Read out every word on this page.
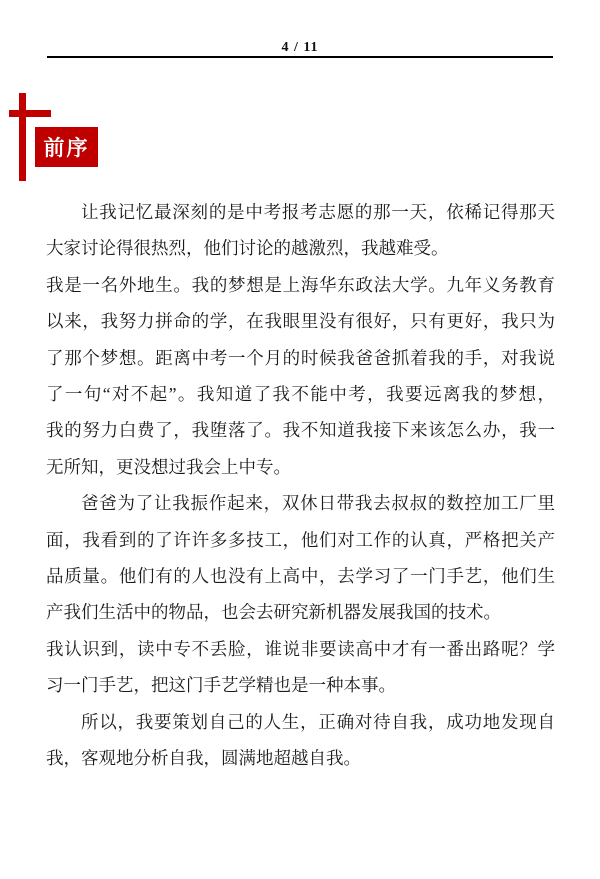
4 / 11
前序
让我记忆最深刻的是中考报考志愿的那一天，依稀记得那天
大家讨论得很热烈，他们讨论的越激烈，我越难受。
我是一名外地生。我的梦想是上海华东政法大学。九年义务教育
以来，我努力拼命的学，在我眼里没有很好，只有更好，我只为
了那个梦想。距离中考一个月的时候我爸爸抓着我的手，对我说
了一句“对不起”。我知道了我不能中考，我要远离我的梦想，
我的努力白费了，我堕落了。我不知道我接下来该怎么办，我一
无所知，更没想过我会上中专。
爸爸为了让我振作起来，双休日带我去叔叔的数控加工厂里
面，我看到的了许许多多技工，他们对工作的认真，严格把关产
品质量。他们有的人也没有上高中，去学习了一门手艺，他们生
产我们生活中的物品，也会去研究新机器发展我国的技术。
我认识到，读中专不丢脸，谁说非要读高中才有一番出路呢？学
习一门手艺，把这门手艺学精也是一种本事。
所以，我要策划自己的人生，正确对待自我，成功地发现自
我，客观地分析自我，圆满地超越自我。
